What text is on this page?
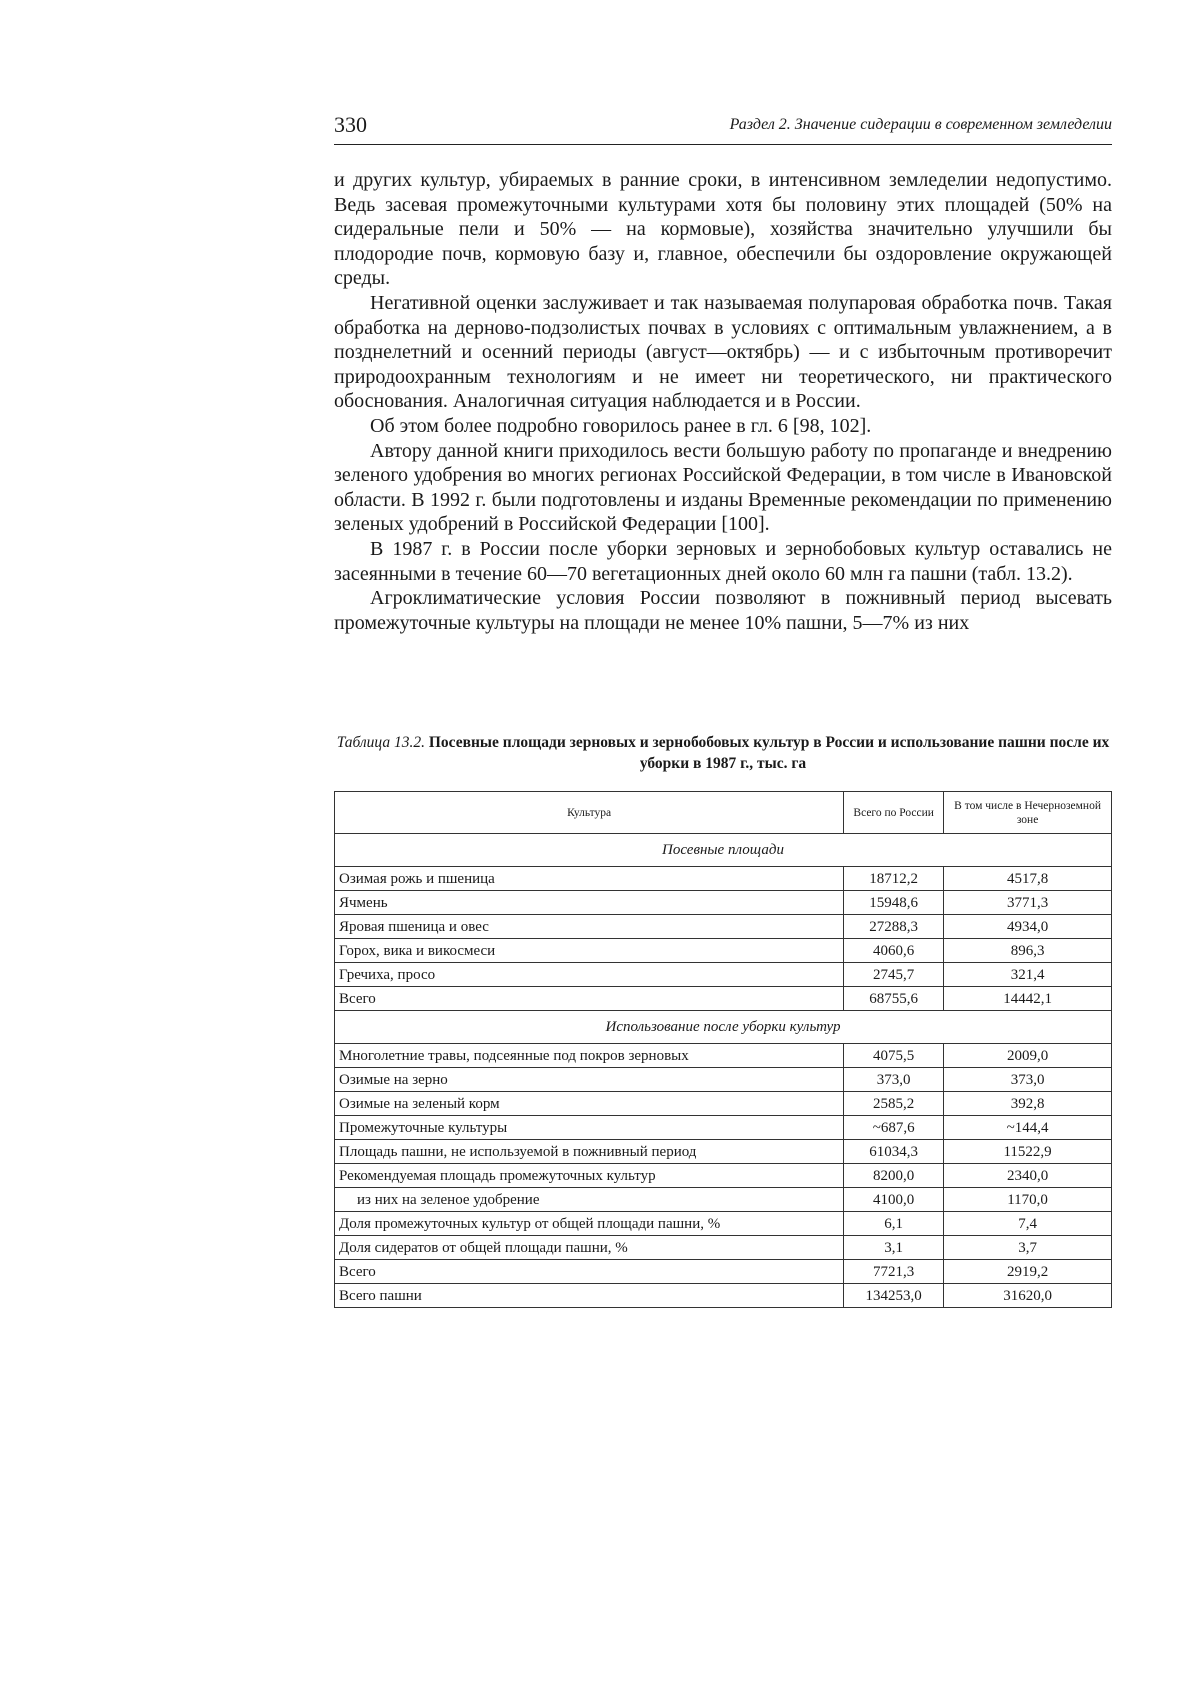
330	Раздел 2. Значение сидерации в современном земледелии

и других культур, убираемых в ранние сроки, в интенсивном земледелии недопустимо. Ведь засевая промежуточными культурами хотя бы половину этих площадей (50% на сидеральные пели и 50% — на кормовые), хозяйства значительно улучшили бы плодородие почв, кормовую базу и, главное, обеспечили бы оздоровление окружающей среды.

Негативной оценки заслуживает и так называемая полупаровая обработка почв. Такая обработка на дерново-подзолистых почвах в условиях с оптимальным увлажнением, а в позднелетний и осенний периоды (август—октябрь) — и с избыточным противоречит природоохранным технологиям и не имеет ни теоретического, ни практического обоснования. Аналогичная ситуация наблюдается и в России.

Об этом более подробно говорилось ранее в гл. 6 [98, 102].

Автору данной книги приходилось вести большую работу по пропаганде и внедрению зеленого удобрения во многих регионах Российской Федерации, в том числе в Ивановской области. В 1992 г. были подготовлены и изданы Временные рекомендации по применению зеленых удобрений в Российской Федерации [100].

В 1987 г. в России после уборки зерновых и зернобобовых культур оставались не засеянными в течение 60—70 вегетационных дней около 60 млн га пашни (табл. 13.2).

Агроклиматические условия России позволяют в пожнивный период высевать промежуточные культуры на площади не менее 10% пашни, 5—7% из них

Таблица 13.2. Посевные площади зерновых и зернобобовых культур в России и использование пашни после их уборки в 1987 г., тыс. га
Культура	Всего по России	В том числе в Нечерноземной зоне
Посевные площади		
Озимая рожь и пшеница	18712,2	4517,8
Ячмень	15948,6	3771,3
Яровая пшеница и овес	27288,3	4934,0
Горох, вика и викосмеси	4060,6	896,3
Гречиха, просо	2745,7	321,4
Всего	68755,6	14442,1
Использование после уборки культур		
Многолетние травы, подсеянные под покров зерновых	4075,5	2009,0
Озимые на зерно	373,0	373,0
Озимые на зеленый корм	2585,2	392,8
Промежуточные культуры	~687,6	~144,4
Площадь пашни, не используемой в пожнивный период	61034,3	11522,9
Рекомендуемая площадь промежуточных культур	8200,0	2340,0
из них на зеленое удобрение	4100,0	1170,0
Доля промежуточных культур от общей площади пашни, %	6,1	7,4
Доля сидератов от общей площади пашни, %	3,1	3,7
Всего	7721,3	2919,2
Всего пашни	134253,0	31620,0
